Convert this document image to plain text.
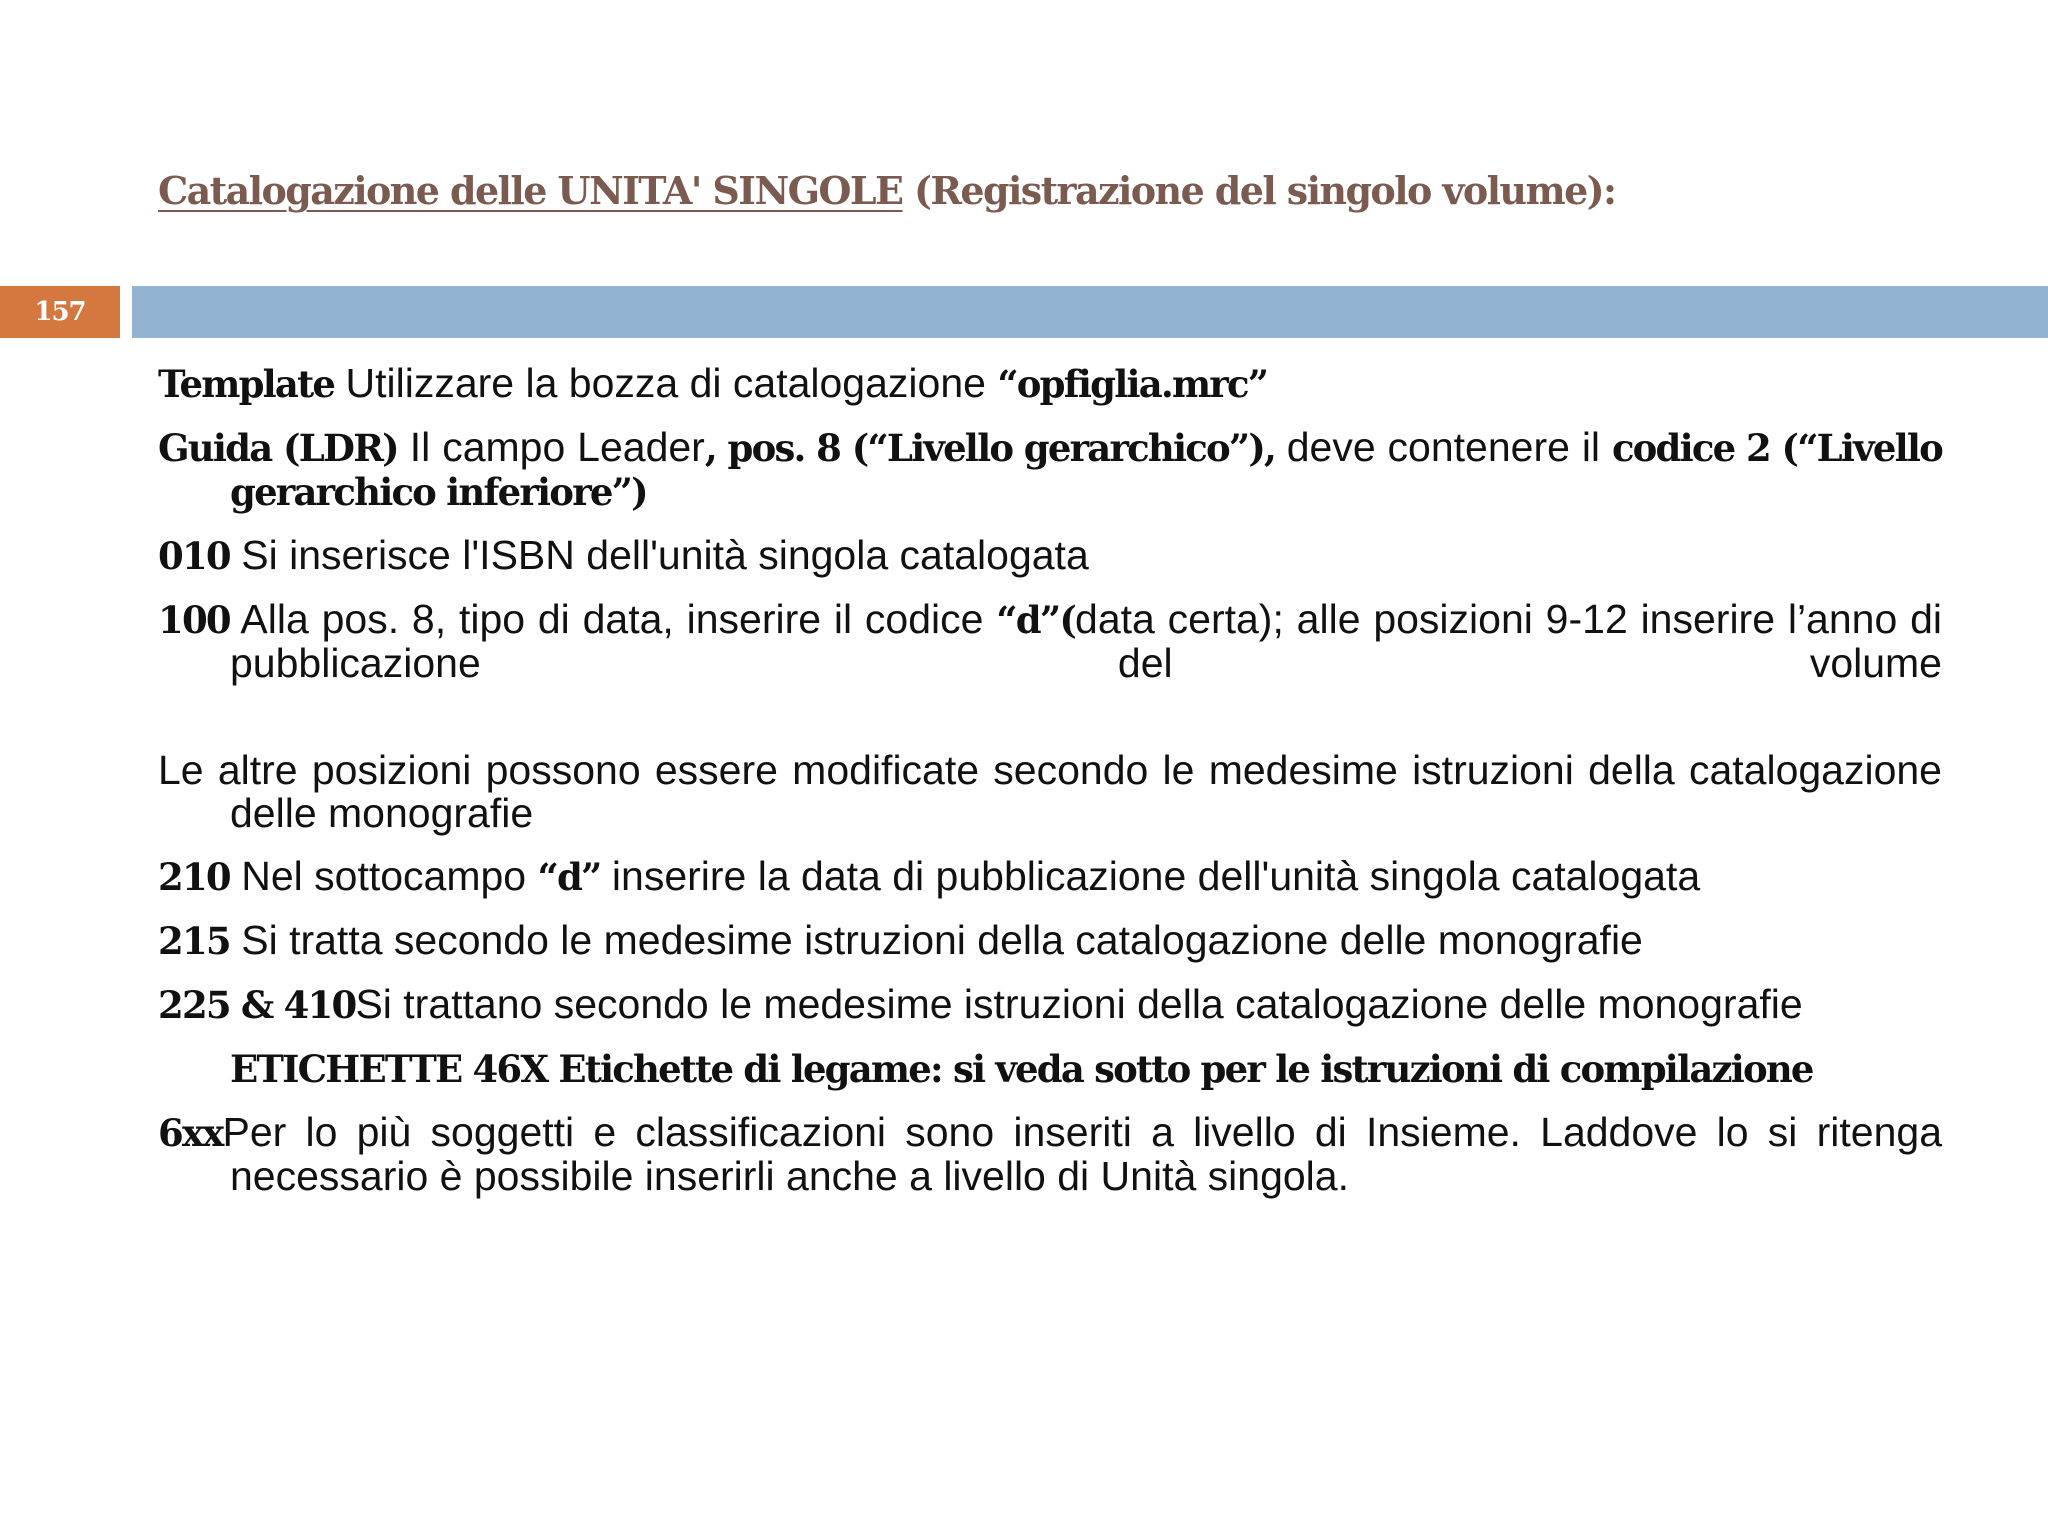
Catalogazione delle UNITA' SINGOLE (Registrazione del singolo volume):
157

Template Utilizzare la bozza di catalogazione “opfiglia.mrc”

Guida (LDR) Il campo Leader, pos. 8 (“Livello gerarchico”), deve contenere il codice 2 (“Livello gerarchico inferiore”)

010 Si inserisce l'ISBN dell'unità singola catalogata

100 Alla pos. 8, tipo di data, inserire il codice “d”(data certa); alle posizioni 9-12 inserire l’anno di pubblicazione del volume

Le altre posizioni possono essere modificate secondo le medesime istruzioni della catalogazione delle monografie

210 Nel sottocampo “d” inserire la data di pubblicazione dell'unità singola catalogata

215 Si tratta secondo le medesime istruzioni della catalogazione delle monografie

225 & 410Si trattano secondo le medesime istruzioni della catalogazione delle monografie

ETICHETTE 46X Etichette di legame: si veda sotto per le istruzioni di compilazione

6xxPer lo più soggetti e classificazioni sono inseriti a livello di Insieme. Laddove lo si ritenga necessario è possibile inserirli anche a livello di Unità singola.
